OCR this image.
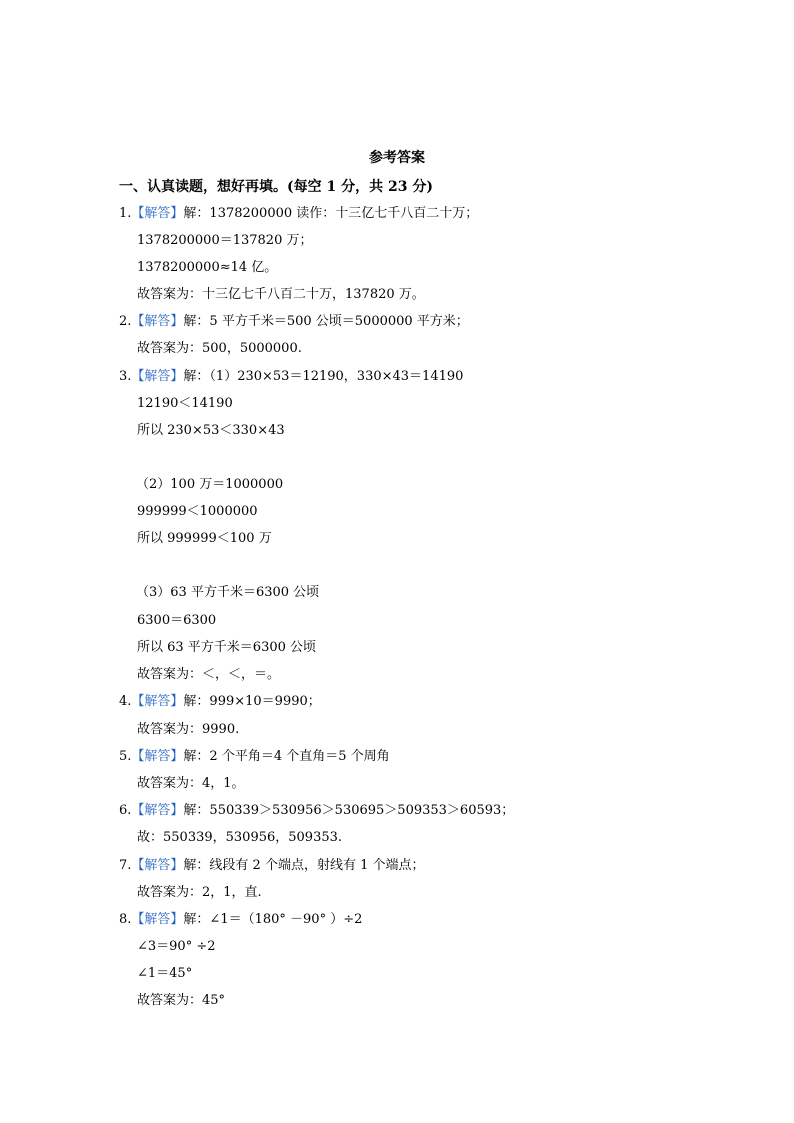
参考答案
一、认真读题，想好再填。(每空 1 分，共 23 分)
1.【解答】解：1378200000 读作：十三亿七千八百二十万；
1378200000＝137820 万；
1378200000≈14 亿。
故答案为：十三亿七千八百二十万，137820 万。
2.【解答】解：5 平方千米＝500 公顷＝5000000 平方米；
故答案为：500，5000000.
3.【解答】解：（1）230×53＝12190，330×43＝14190
12190＜14190
所以 230×53＜330×43
（2）100 万＝1000000
999999＜1000000
所以 999999＜100 万
（3）63 平方千米＝6300 公顷
6300＝6300
所以 63 平方千米＝6300 公顷
故答案为：＜，＜，＝。
4.【解答】解：999×10＝9990；
故答案为：9990.
5.【解答】解：2 个平角＝4 个直角＝5 个周角
故答案为：4，1。
6.【解答】解：550339＞530956＞530695＞509353＞60593；
故：550339，530956，509353.
7.【解答】解：线段有 2 个端点，射线有 1 个端点；
故答案为：2，1，直.
8.【解答】解：∠1＝（180° －90° ）÷2
∠3＝90° ÷2
∠1＝45°
故答案为：45°
